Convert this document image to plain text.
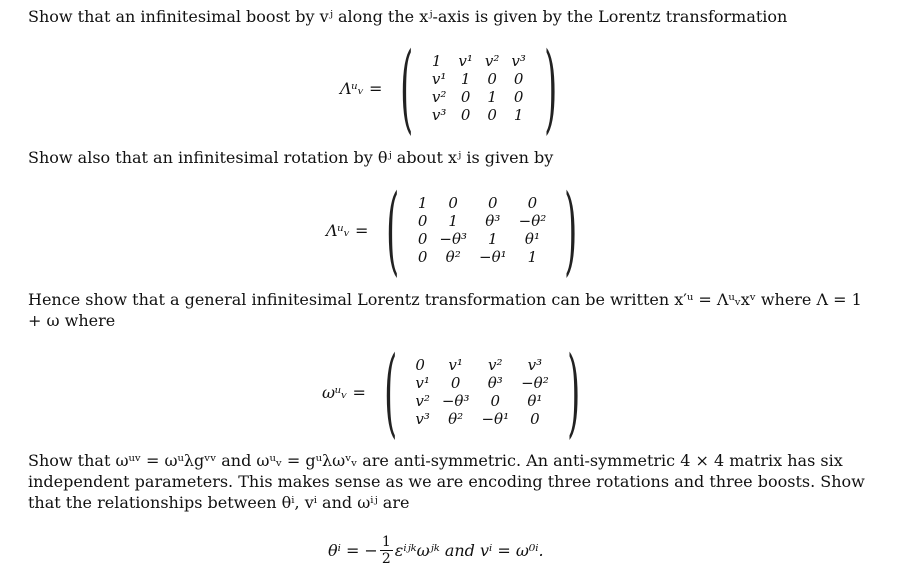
Show that an infinitesimal boost by vʲ along the xʲ-axis is given by the Lorentz transformation
Λᵘᵥ = ( 1	v¹	v²	v³
v¹	1	0	0
v²	0	1	0
v³	0	0	1 )
Show also that an infinitesimal rotation by θʲ about xʲ is given by
Λᵘᵥ = ( 1	0	0	0
0	1	θ³	−θ²
0	−θ³	1	θ¹
0	θ²	−θ¹	1 )
Hence show that a general infinitesimal Lorentz transformation can be written x′ᵘ = Λᵘᵥxᵛ where Λ = 1 + ω where
ωᵘᵥ = ( 0	v¹	v²	v³
v¹	0	θ³	−θ²
v²	−θ³	0	θ¹
v³	θ²	−θ¹	0 )
Show that ωᵘᵛ = ωᵘλgᵛᵛ and ωᵘᵥ = gᵘλωᵛᵥ are anti-symmetric. An anti-symmetric 4 × 4 matrix has six independent parameters. This makes sense as we are encoding three rotations and three boosts. Show that the relationships between θⁱ, vⁱ and ωⁱʲ are
θⁱ = − $\frac{1}{2}$ εⁱʲᵏωʲᵏ and vⁱ = ω⁰ⁱ.
